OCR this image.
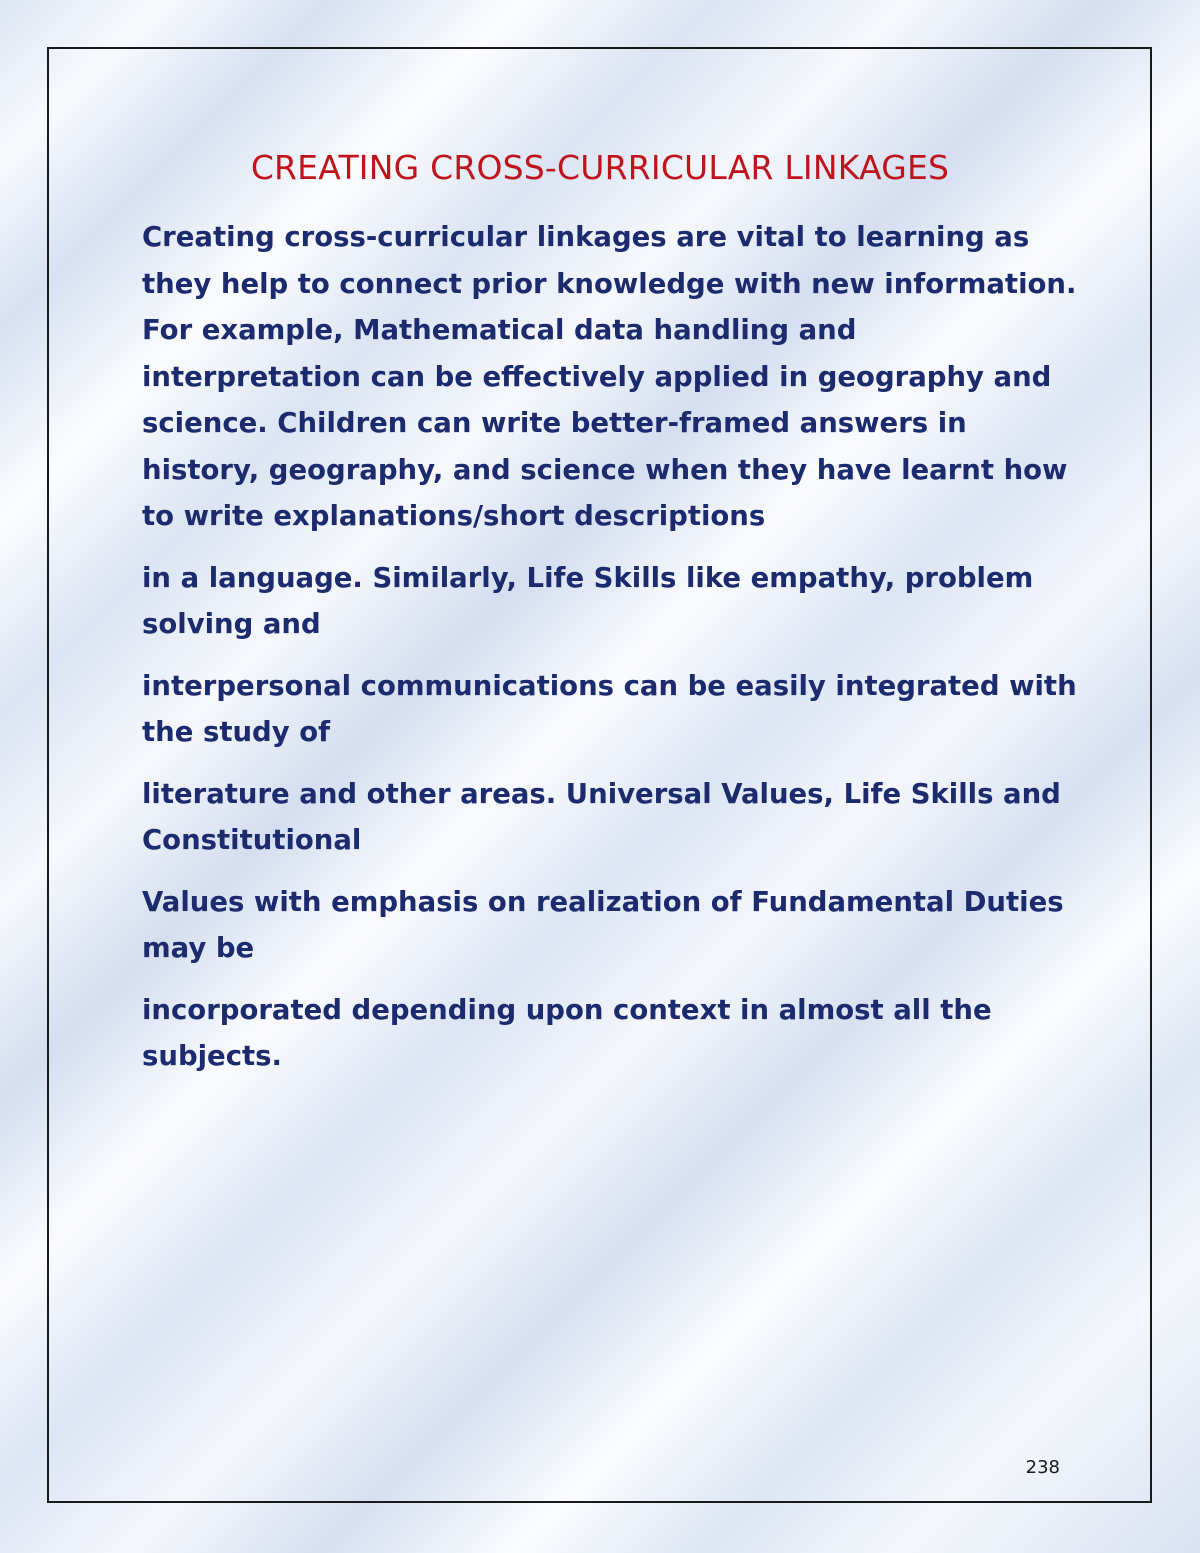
CREATING CROSS-CURRICULAR LINKAGES

Creating cross-curricular linkages are vital to learning as they help to connect prior knowledge with new information. For example, Mathematical data handling and interpretation can be effectively applied in geography and science. Children can write better-framed answers in history, geography, and science when they have learnt how to write explanations/short descriptions

in a language. Similarly, Life Skills like empathy, problem solving and

interpersonal communications can be easily integrated with the study of

literature and other areas. Universal Values, Life Skills and Constitutional

Values with emphasis on realization of Fundamental Duties may be

incorporated depending upon context in almost all the subjects.

238
